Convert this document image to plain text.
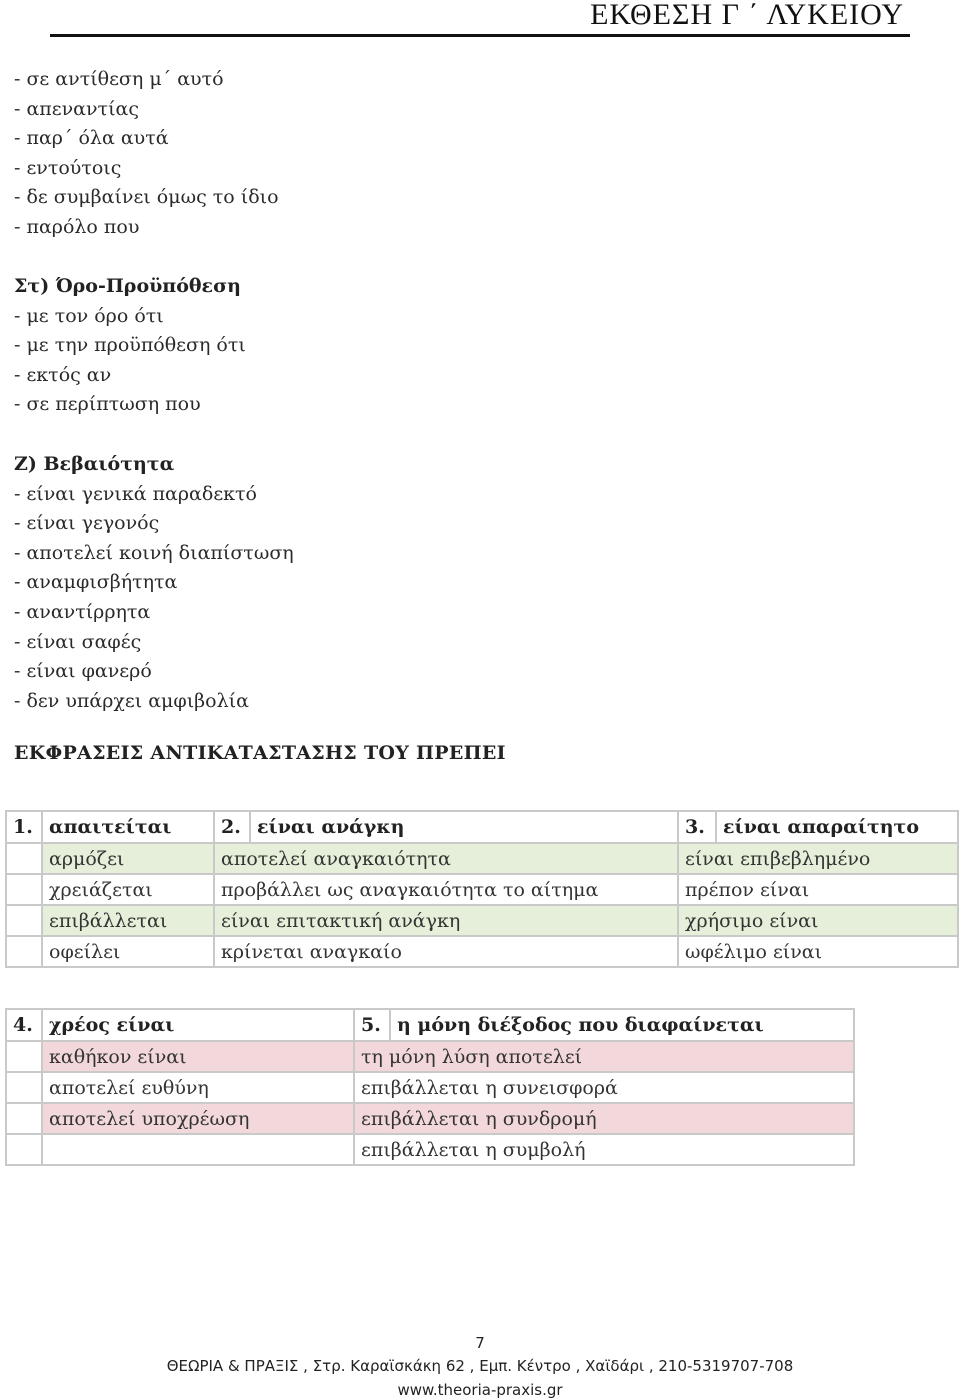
ΕΚΘΕΣΗ Γ ΄ ΛΥΚΕΙΟΥ
- σε αντίθεση μ΄ αυτό
- απεναντίας
- παρ΄ όλα αυτά
- εντούτοις
- δε συμβαίνει όμως το ίδιο
- παρόλο που
Στ) Όρο-Προϋπόθεση
- με τον όρο ότι
- με την προϋπόθεση ότι
- εκτός αν
- σε περίπτωση που
Ζ) Βεβαιότητα
- είναι γενικά παραδεκτό
- είναι γεγονός
- αποτελεί κοινή διαπίστωση
- αναμφισβήτητα
- αναντίρρητα
- είναι σαφές
- είναι φανερό
- δεν υπάρχει αμφιβολία
ΕΚΦΡΑΣΕΙΣ ΑΝΤΙΚΑΤΑΣΤΑΣΗΣ ΤΟΥ ΠΡΕΠΕΙ
1.	απαιτείται	2.	είναι ανάγκη	3.	είναι απαραίτητο
	αρμόζει	αποτελεί αναγκαιότητα		είναι επιβεβλημένο	
	χρειάζεται	προβάλλει ως αναγκαιότητα το αίτημα		πρέπον είναι	
	επιβάλλεται	είναι επιτακτική ανάγκη		χρήσιμο είναι	
	οφείλει	κρίνεται αναγκαίο		ωφέλιμο είναι	
4.	χρέος είναι	5.	η μόνη διέξοδος που διαφαίνεται
	καθήκον είναι	τη μόνη λύση αποτελεί	
	αποτελεί ευθύνη	επιβάλλεται η συνεισφορά	
	αποτελεί υποχρέωση	επιβάλλεται η συνδρομή	
		επιβάλλεται η συμβολή	
7
ΘΕΩΡΙΑ & ΠΡΑΞΙΣ , Στρ. Καραϊσκάκη 62 , Εμπ. Κέντρο , Χαϊδάρι , 210-5319707-708
www.theoria-praxis.gr
